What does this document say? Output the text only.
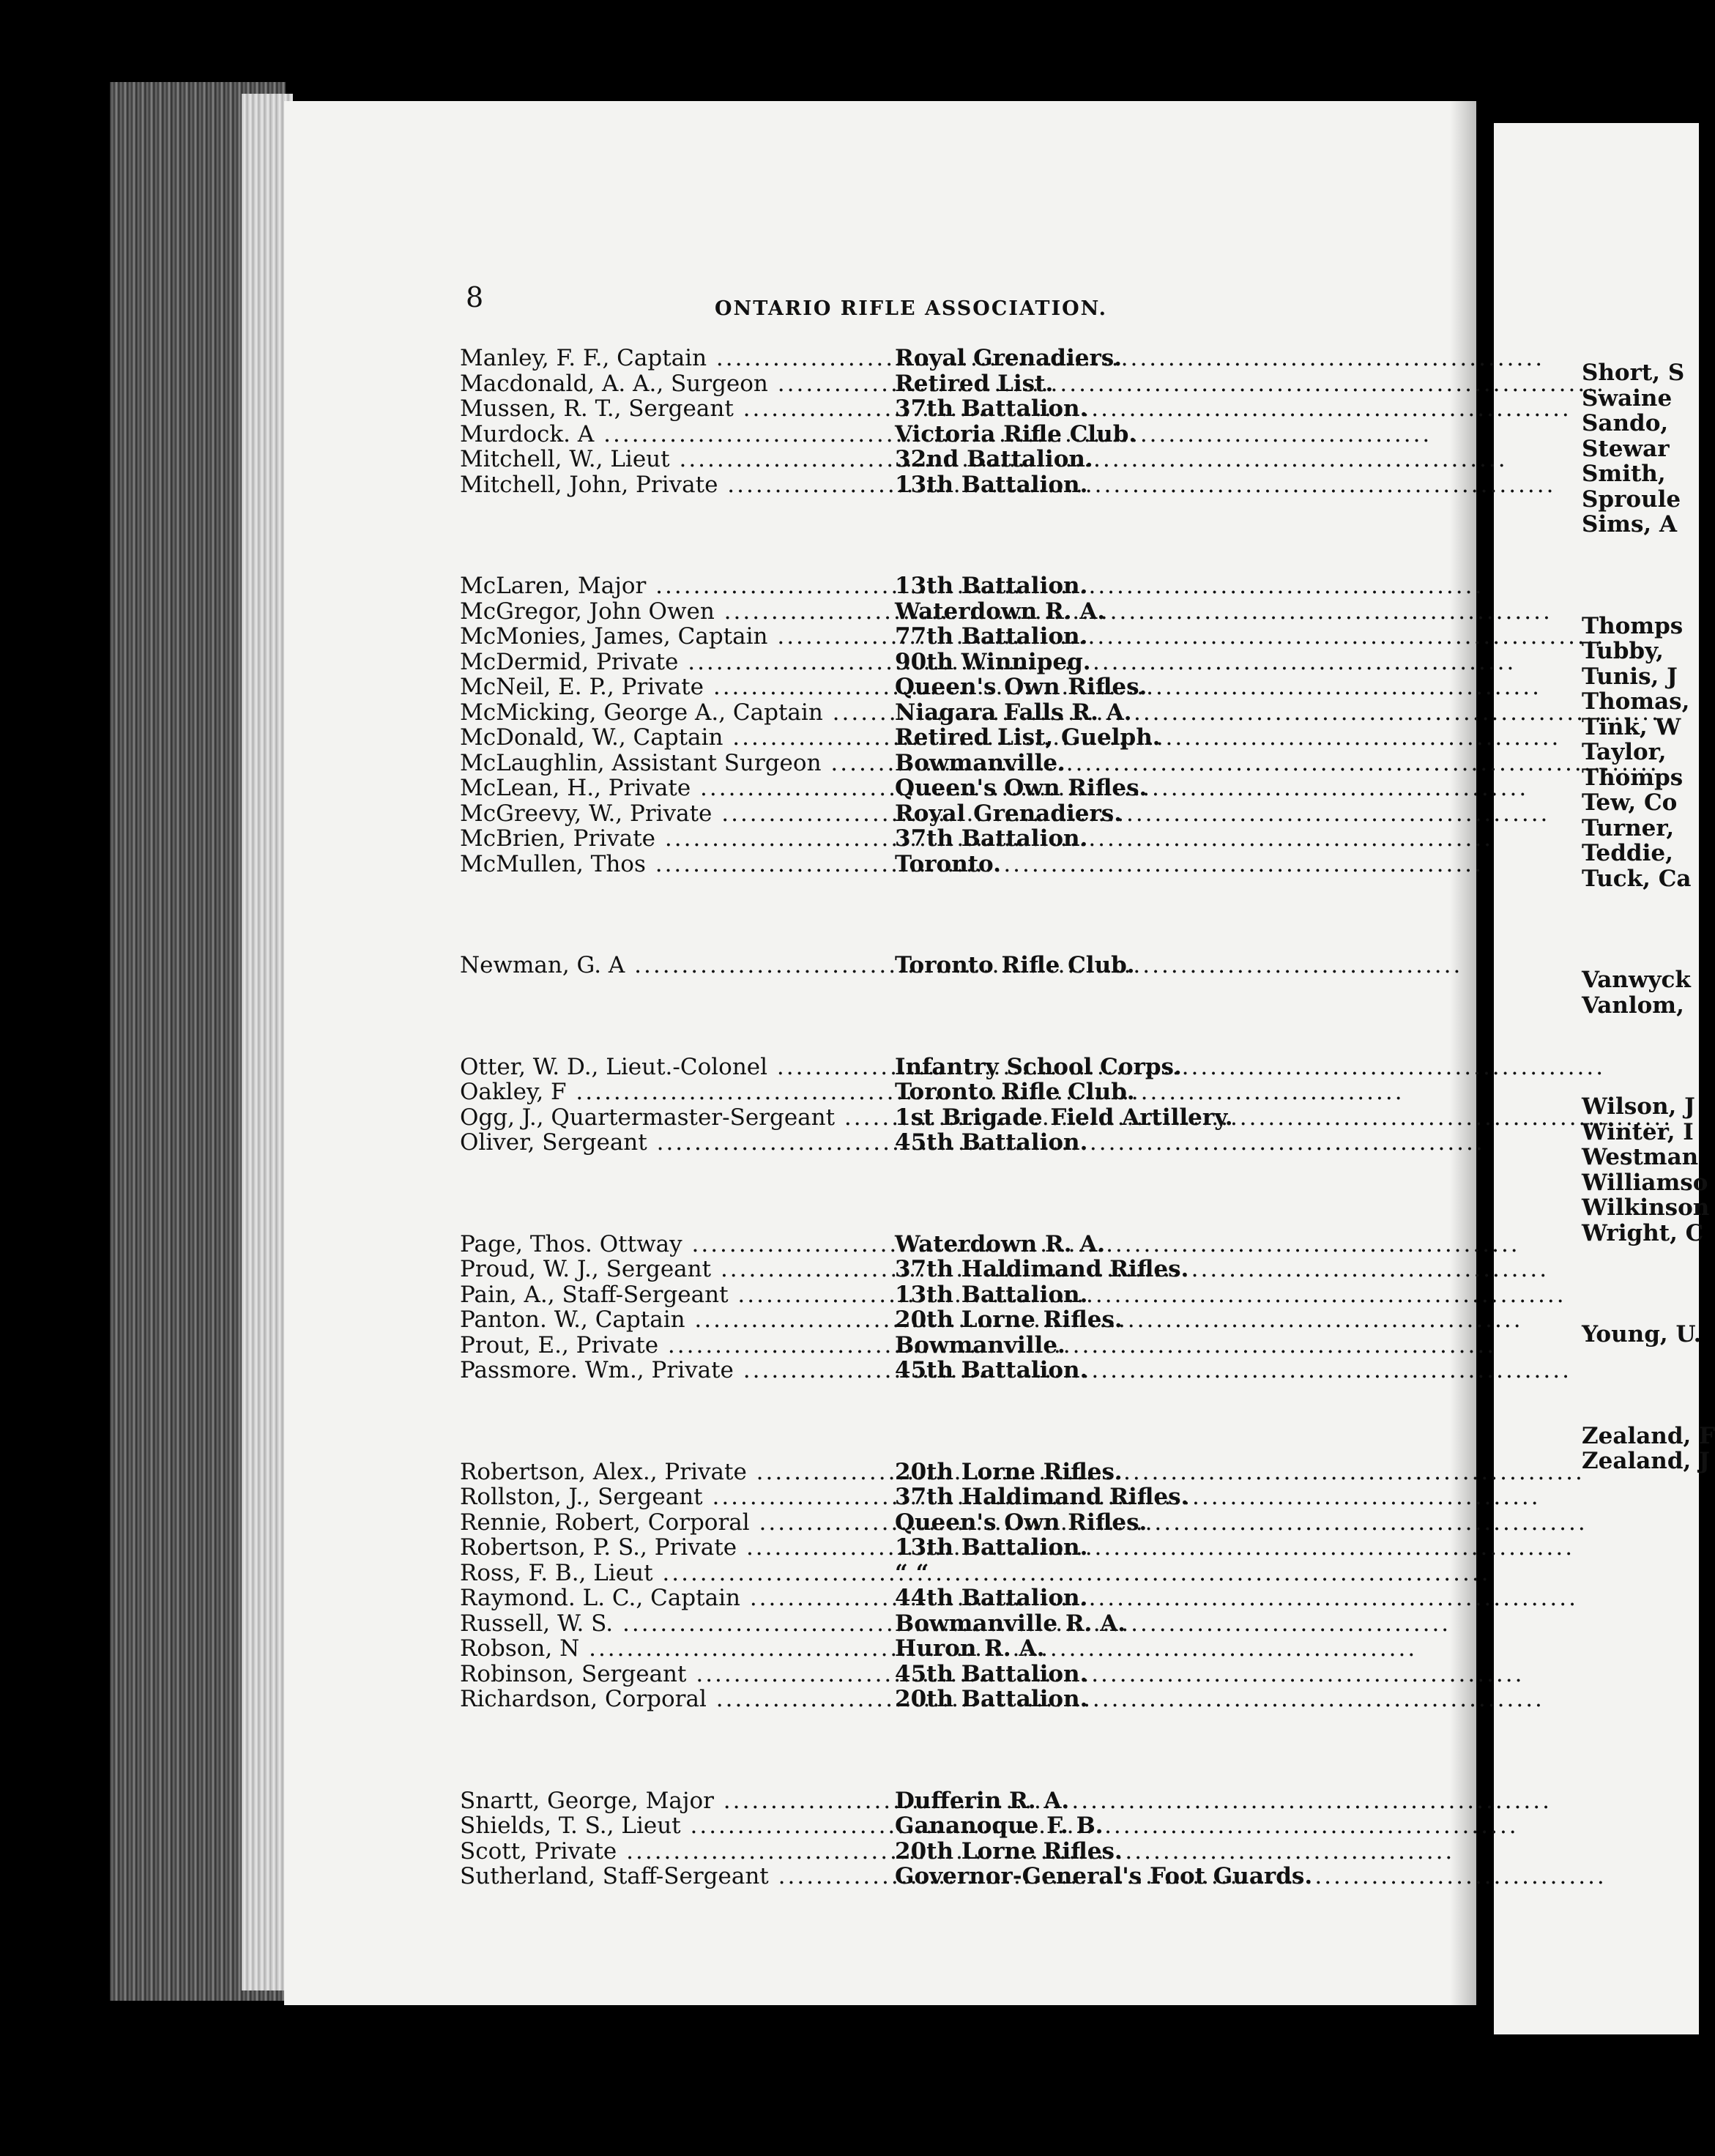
8	ONTARIO RIFLE ASSOCIATION.
Manley, F. F., Captain .....	Royal Grenadiers.
Macdonald, A. A., Surgeon .....	Retired List.
Mussen, R. T., Sergeant .....	37th Battalion.
Murdock. A .....	Victoria Rifle Club.
Mitchell, W., Lieut .....	32nd Battalion.
Mitchell, John, Private .....	13th Battalion.
McLaren, Major .....	13th Battalion.
McGregor, John Owen .....	Waterdown R. A.
McMonies, James, Captain .....	77th Battalion.
McDermid, Private .....	90th Winnipeg.
McNeil, E. P., Private .....	Queen's Own Rifles.
McMicking, George A., Captain .....	Niagara Falls R. A.
McDonald, W., Captain .....	Retired List, Guelph.
McLaughlin, Assistant Surgeon .....	Bowmanville.
McLean, H., Private .....	Queen's Own Rifles.
McGreevy, W., Private .....	Royal Grenadiers.
McBrien, Private .....	37th Battalion.
McMullen, Thos .....	Toronto.
Newman, G. A .....	Toronto Rifle Club.
Otter, W. D., Lieut.-Colonel .....	Infantry School Corps.
Oakley, F .....	Toronto Rifle Club.
Ogg, J., Quartermaster-Sergeant .....	1st Brigade Field Artillery.
Oliver, Sergeant .....	45th Battalion.
Page, Thos. Ottway .....	Waterdown R. A.
Proud, W. J., Sergeant .....	37th Haldimand Rifles.
Pain, A., Staff-Sergeant .....	13th Battalion.
Panton. W., Captain .....	20th Lorne Rifles.
Prout, E., Private .....	Bowmanville.
Passmore. Wm., Private .....	45th Battalion.
Robertson, Alex., Private .....	20th Lorne Rifles.
Rollston, J., Sergeant .....	37th Haldimand Rifles.
Rennie, Robert, Corporal .....	Queen's Own Rifles.
Robertson, P. S., Private .....	13th Battalion.
Ross, F. B., Lieut .....	“ “
Raymond. L. C., Captain .....	44th Battalion.
Russell, W. S. .....	Bowmanville R. A.
Robson, N .....	Huron R. A.
Robinson, Sergeant .....	45th Battalion.
Richardson, Corporal .....	20th Battalion.
Snartt, George, Major .....	Dufferin R. A.
Shields, T. S., Lieut .....	Gananoque F. B.
Scott, Private .....	20th Lorne Rifles.
Sutherland, Staff-Sergeant .....	Governor-General's Foot Guards.
Short, S
Swaine
Sando,
Stewar
Smith,
Sproule
Sims, A
Thomps
Tubby,
Tunis, J
Thomas,
Tink, W
Taylor,
Thomps
Tew, Co
Turner,
Teddie,
Tuck, Ca
Vanwyck
Vanlom,
Wilson, J
Winter, I
Westman
Williamso
Wilkinson
Wright, C
Young, U.
Zealand, F
Zealand, J
